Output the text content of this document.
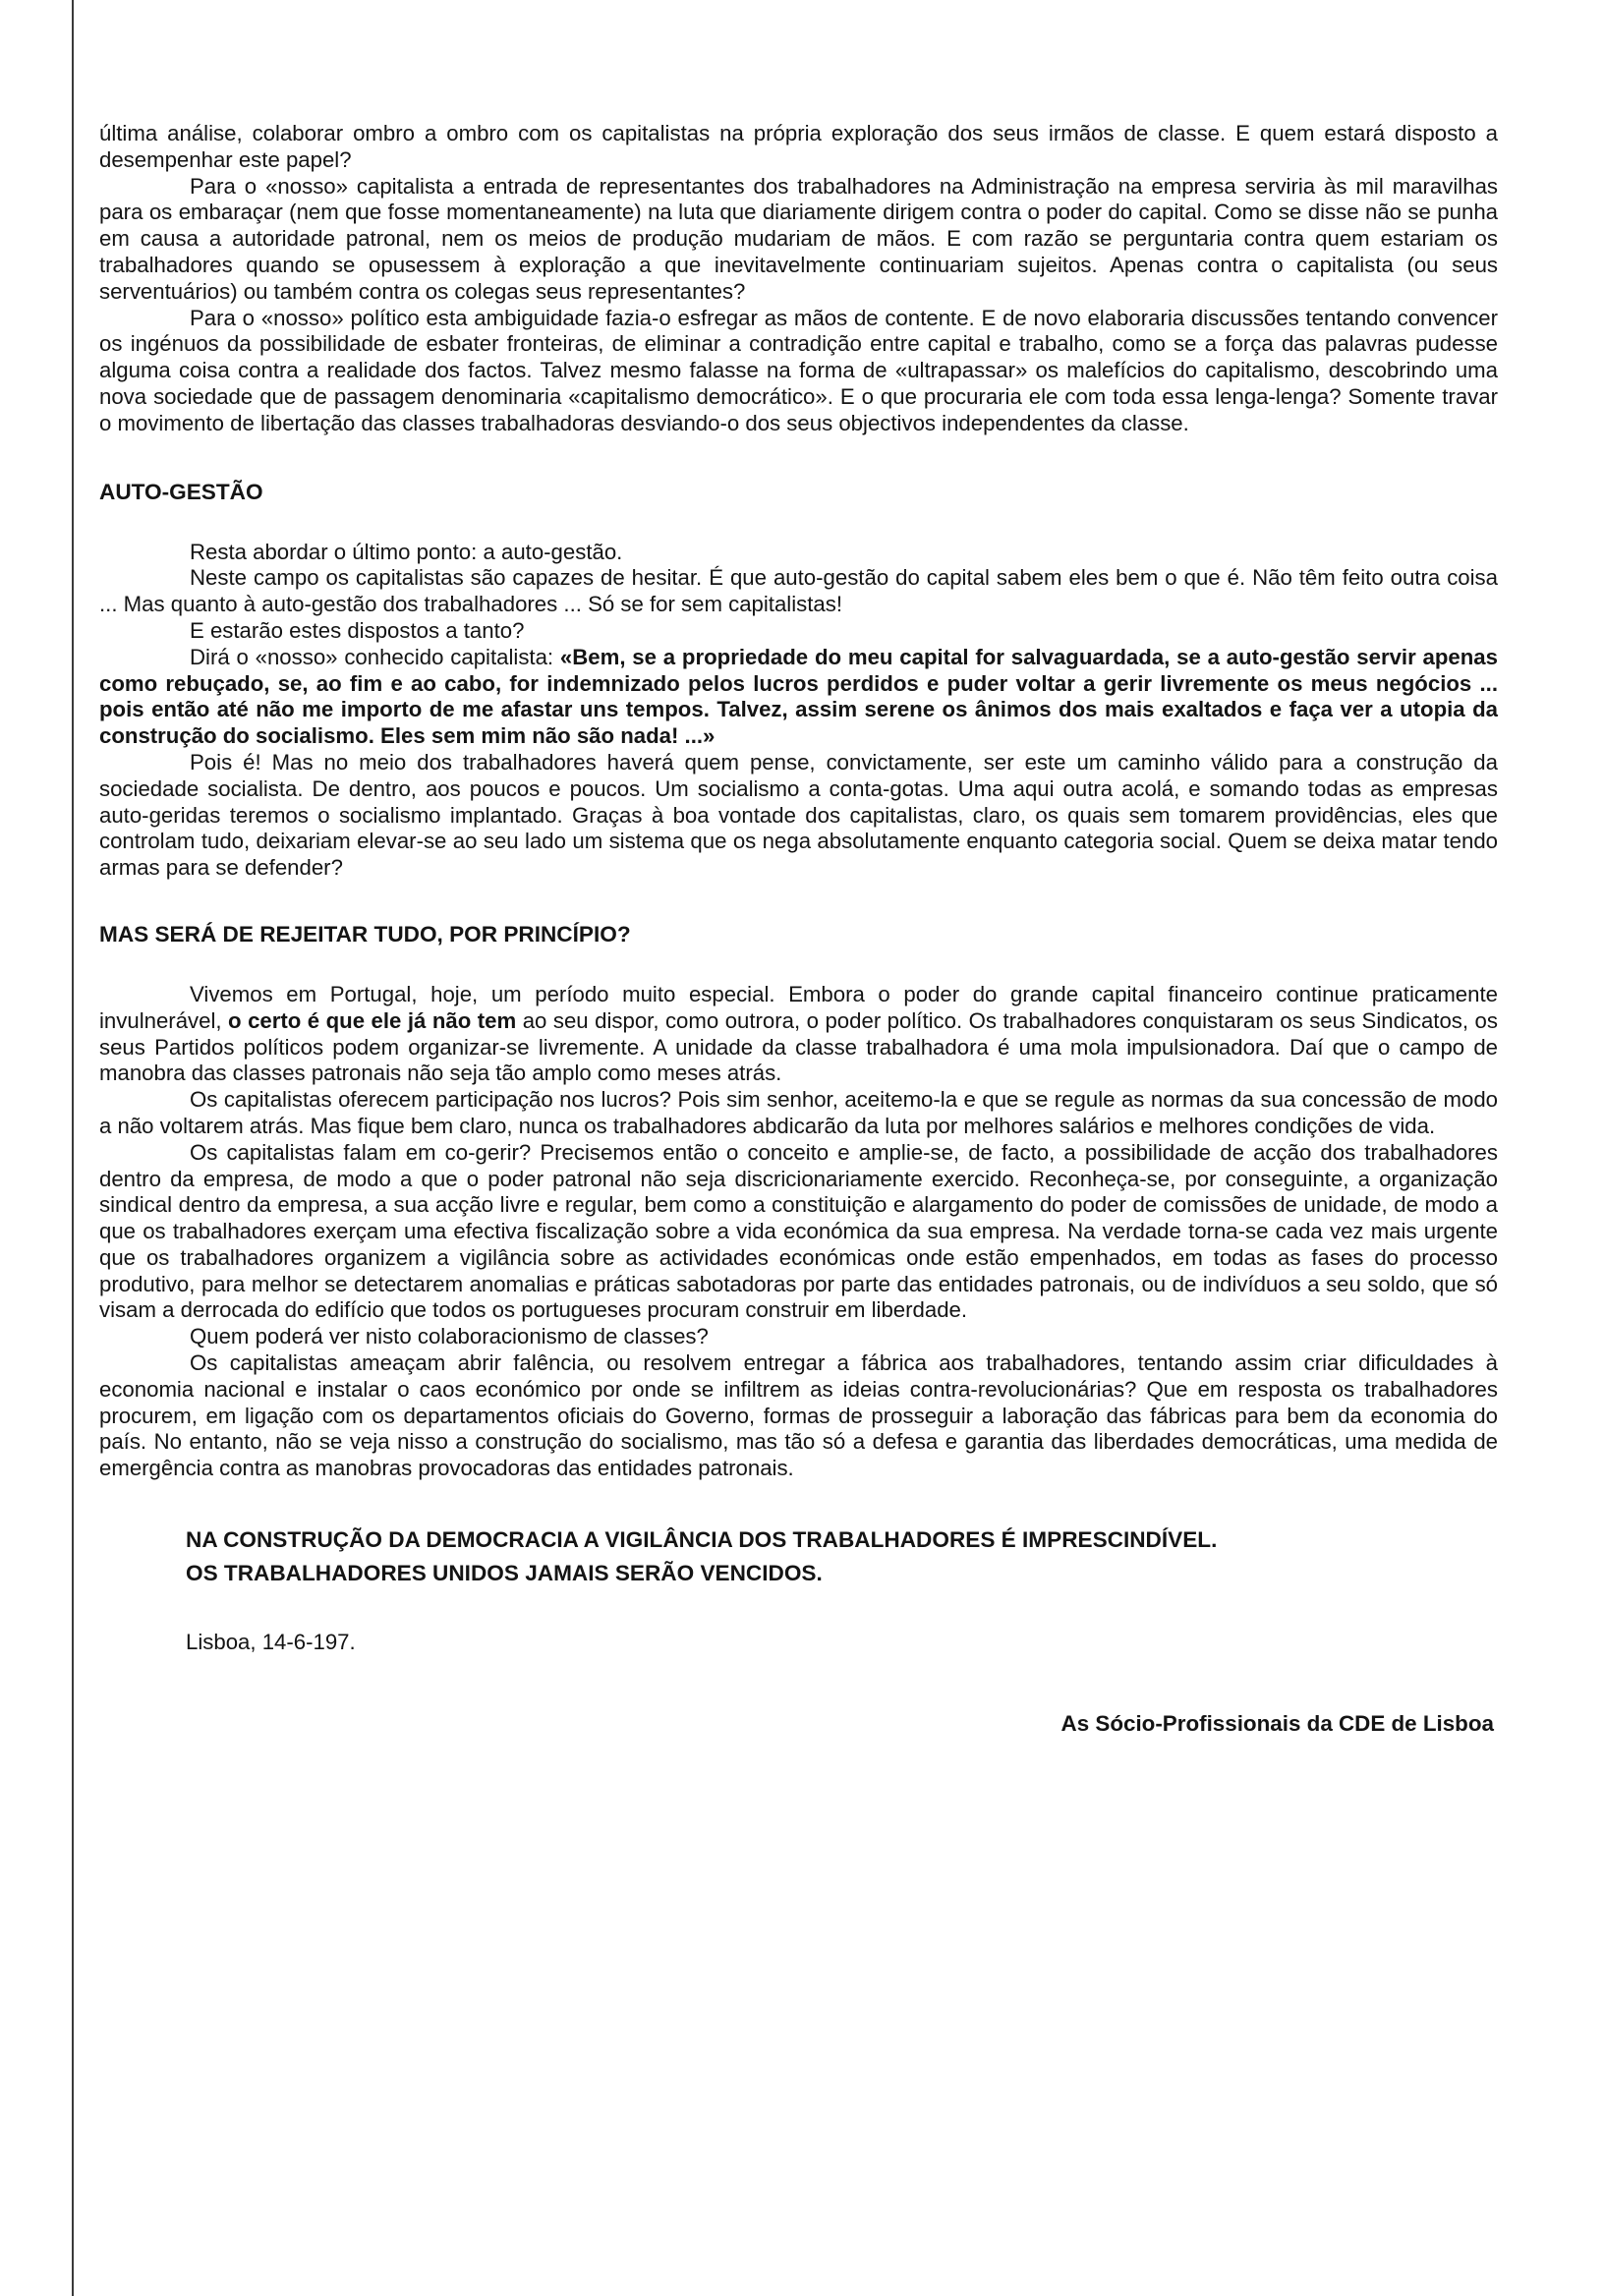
última análise, colaborar ombro a ombro com os capitalistas na própria exploração dos seus irmãos de classe. E quem estará disposto a desempenhar este papel?

Para o «nosso» capitalista a entrada de representantes dos trabalhadores na Administração na empresa serviria às mil maravilhas para os embaraçar (nem que fosse momentaneamente) na luta que diariamente dirigem contra o poder do capital. Como se disse não se punha em causa a autoridade patronal, nem os meios de produção mudariam de mãos. E com razão se perguntaria contra quem estariam os trabalhadores quando se opusessem à exploração a que inevitavelmente continuariam sujeitos. Apenas contra o capitalista (ou seus serventuários) ou também contra os colegas seus representantes?

Para o «nosso» político esta ambiguidade fazia-o esfregar as mãos de contente. E de novo elaboraria discussões tentando convencer os ingénuos da possibilidade de esbater fronteiras, de eliminar a contradição entre capital e trabalho, como se a força das palavras pudesse alguma coisa contra a realidade dos factos. Talvez mesmo falasse na forma de «ultrapassar» os malefícios do capitalismo, descobrindo uma nova sociedade que de passagem denominaria «capitalismo democrático». E o que procuraria ele com toda essa lenga-lenga? Somente travar o movimento de libertação das classes trabalhadoras desviando-o dos seus objectivos independentes da classe.

AUTO-GESTÃO

Resta abordar o último ponto: a auto-gestão.

Neste campo os capitalistas são capazes de hesitar. É que auto-gestão do capital sabem eles bem o que é. Não têm feito outra coisa ... Mas quanto à auto-gestão dos trabalhadores ... Só se for sem capitalistas!

E estarão estes dispostos a tanto?

Dirá o «nosso» conhecido capitalista: «Bem, se a propriedade do meu capital for salvaguardada, se a auto-gestão servir apenas como rebuçado, se, ao fim e ao cabo, for indemnizado pelos lucros perdidos e puder voltar a gerir livremente os meus negócios ... pois então até não me importo de me afastar uns tempos. Talvez, assim serene os ânimos dos mais exaltados e faça ver a utopia da construção do socialismo. Eles sem mim não são nada! ...»

Pois é! Mas no meio dos trabalhadores haverá quem pense, convictamente, ser este um caminho válido para a construção da sociedade socialista. De dentro, aos poucos e poucos. Um socialismo a conta-gotas. Uma aqui outra acolá, e somando todas as empresas auto-geridas teremos o socialismo implantado. Graças à boa vontade dos capitalistas, claro, os quais sem tomarem providências, eles que controlam tudo, deixariam elevar-se ao seu lado um sistema que os nega absolutamente enquanto categoria social. Quem se deixa matar tendo armas para se defender?

MAS SERÁ DE REJEITAR TUDO, POR PRINCÍPIO?

Vivemos em Portugal, hoje, um período muito especial. Embora o poder do grande capital financeiro continue praticamente invulnerável, o certo é que ele já não tem ao seu dispor, como outrora, o poder político. Os trabalhadores conquistaram os seus Sindicatos, os seus Partidos políticos podem organizar-se livremente. A unidade da classe trabalhadora é uma mola impulsionadora. Daí que o campo de manobra das classes patronais não seja tão amplo como meses atrás.

Os capitalistas oferecem participação nos lucros? Pois sim senhor, aceitemo-la e que se regule as normas da sua concessão de modo a não voltarem atrás. Mas fique bem claro, nunca os trabalhadores abdicarão da luta por melhores salários e melhores condições de vida.

Os capitalistas falam em co-gerir? Precisemos então o conceito e amplie-se, de facto, a possibilidade de acção dos trabalhadores dentro da empresa, de modo a que o poder patronal não seja discricionariamente exercido. Reconheça-se, por conseguinte, a organização sindical dentro da empresa, a sua acção livre e regular, bem como a constituição e alargamento do poder de comissões de unidade, de modo a que os trabalhadores exerçam uma efectiva fiscalização sobre a vida económica da sua empresa. Na verdade torna-se cada vez mais urgente que os trabalhadores organizem a vigilância sobre as actividades económicas onde estão empenhados, em todas as fases do processo produtivo, para melhor se detectarem anomalias e práticas sabotadoras por parte das entidades patronais, ou de indivíduos a seu soldo, que só visam a derrocada do edifício que todos os portugueses procuram construir em liberdade.

Quem poderá ver nisto colaboracionismo de classes?

Os capitalistas ameaçam abrir falência, ou resolvem entregar a fábrica aos trabalhadores, tentando assim criar dificuldades à economia nacional e instalar o caos económico por onde se infiltrem as ideias contra-revolucionárias? Que em resposta os trabalhadores procurem, em ligação com os departamentos oficiais do Governo, formas de prosseguir a laboração das fábricas para bem da economia do país. No entanto, não se veja nisso a construção do socialismo, mas tão só a defesa e garantia das liberdades democráticas, uma medida de emergência contra as manobras provocadoras das entidades patronais.

NA CONSTRUÇÃO DA DEMOCRACIA A VIGILÂNCIA DOS TRABALHADORES É IMPRESCINDÍVEL.
OS TRABALHADORES UNIDOS JAMAIS SERÃO VENCIDOS.
Lisboa, 14-6-197.
As Sócio-Profissionais da CDE de Lisboa
